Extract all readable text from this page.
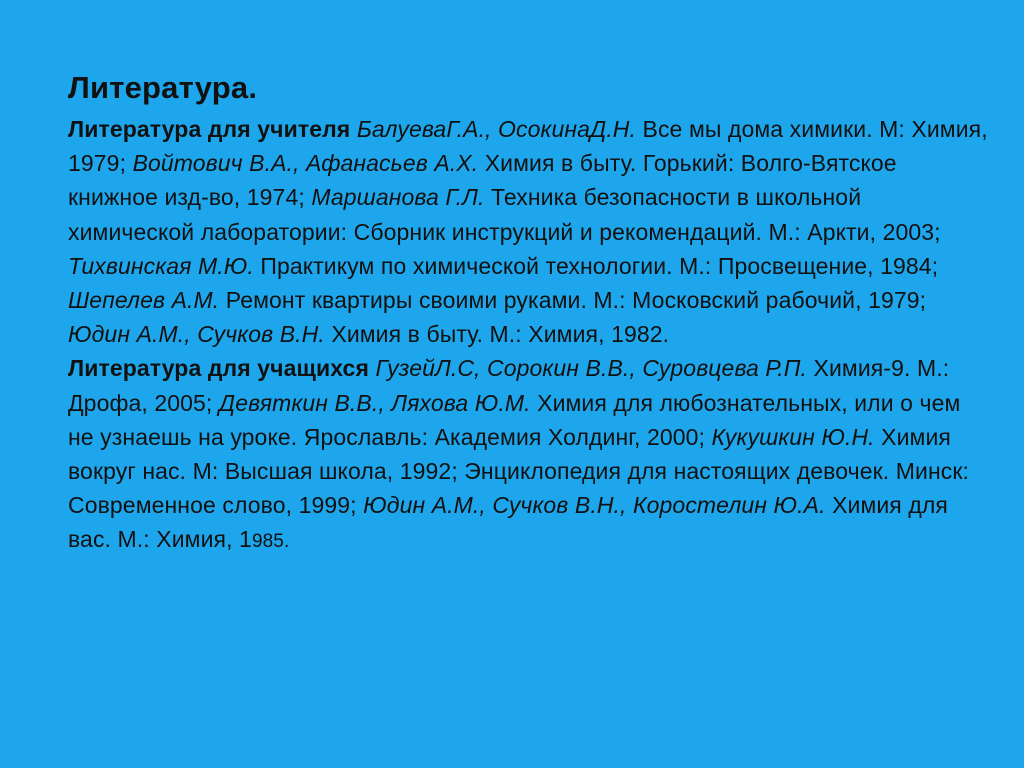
Литература.

Литература для учителя БалуеваГ.А., ОсокинаД.Н. Все мы дома химики. М: Химия, 1979; Войтович В.А., Афанасьев А.Х. Химия в быту. Горький: Волго-Вятское книжное изд-во, 1974; Маршанова Г.Л. Техника безопасности в школьной химической лаборатории: Сборник инструкций и рекомендаций. М.: Аркти, 2003; Тихвинская М.Ю. Практикум по химической технологии. М.: Просвещение, 1984; Шепелев А.М. Ремонт квартиры своими руками. М.: Московский рабочий, 1979; Юдин А.М., Сучков В.Н. Химия в быту. М.: Химия, 1982.

Литература для учащихся ГузейЛ.С, Сорокин В.В., Суровцева Р.П. Химия-9. М.: Дрофа, 2005; Девяткин В.В., Ляхова Ю.М. Химия для любознательных, или о чем не узнаешь на уроке. Ярославль: Академия Холдинг, 2000; Кукушкин Ю.Н. Химия вокруг нас. М: Высшая школа, 1992; Энциклопедия для настоящих девочек. Минск: Современное слово, 1999; Юдин А.М., Сучков В.Н., Коростелин Ю.А. Химия для вас. М.: Химия, 1985.
